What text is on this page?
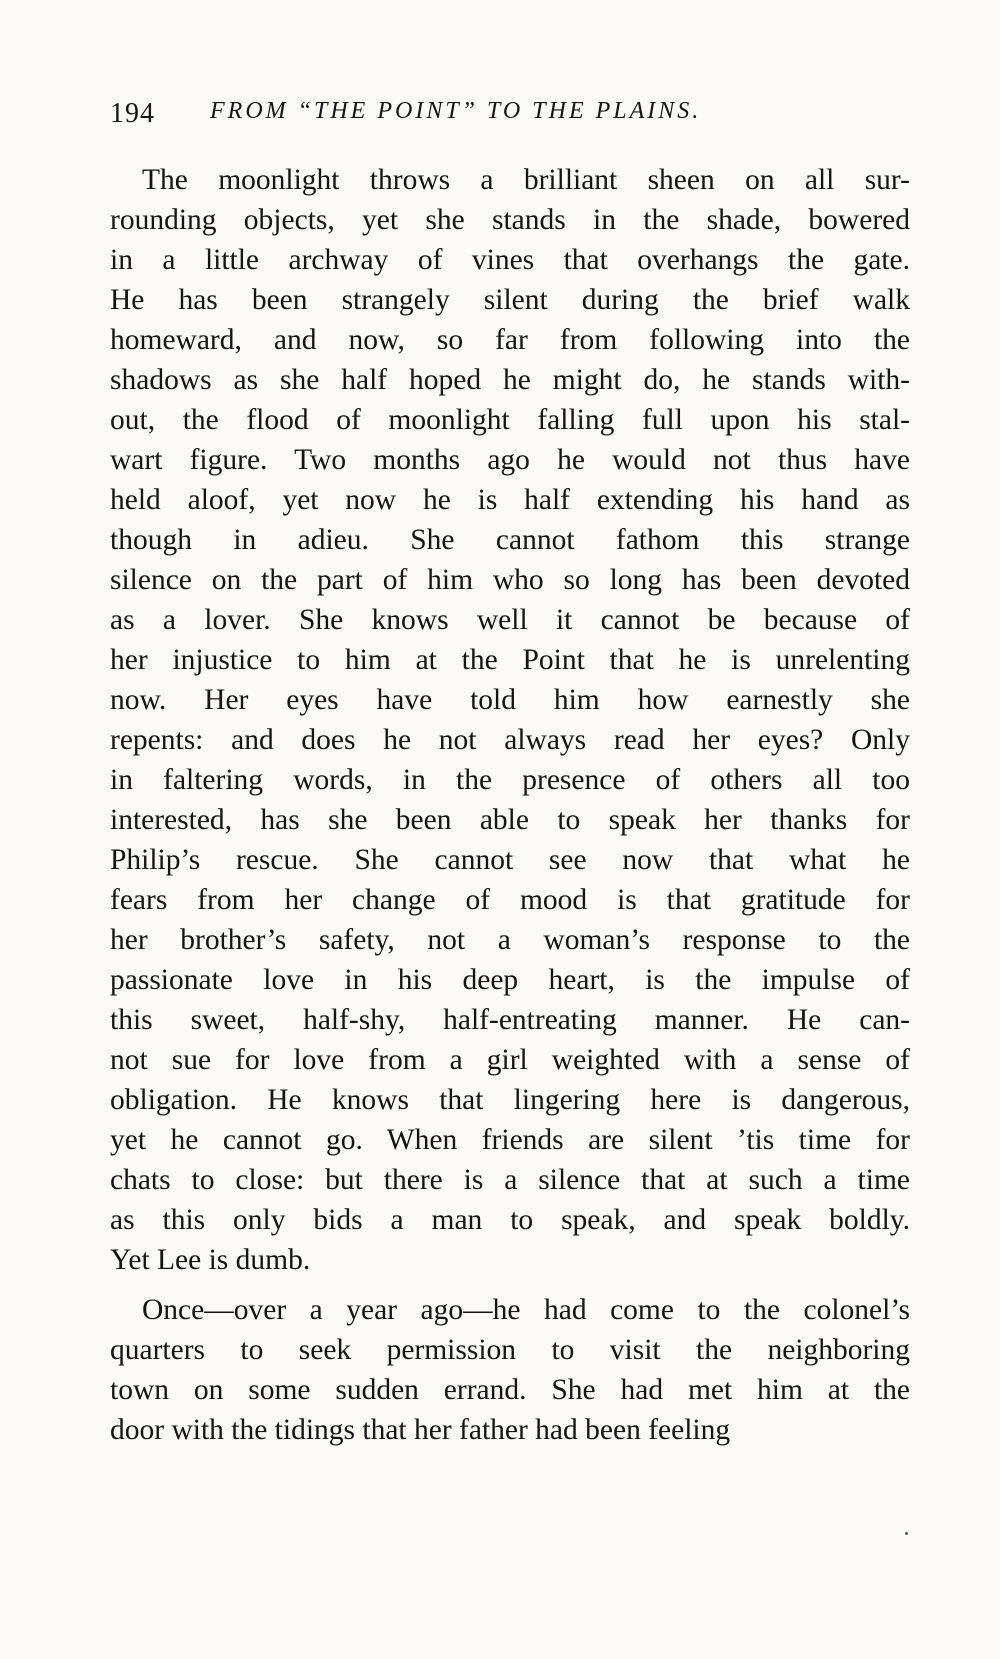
194 FROM “THE POINT” TO THE PLAINS.
The moonlight throws a brilliant sheen on all sur-
rounding objects, yet she stands in the shade, bowered
in a little archway of vines that overhangs the gate.
He has been strangely silent during the brief walk
homeward, and now, so far from following into the
shadows as she half hoped he might do, he stands with-
out, the flood of moonlight falling full upon his stal-
wart figure. Two months ago he would not thus have
held aloof, yet now he is half extending his hand as
though in adieu. She cannot fathom this strange
silence on the part of him who so long has been devoted
as a lover. She knows well it cannot be because of
her injustice to him at the Point that he is unrelenting
now. Her eyes have told him how earnestly she
repents: and does he not always read her eyes? Only
in faltering words, in the presence of others all too
interested, has she been able to speak her thanks for
Philip’s rescue. She cannot see now that what he
fears from her change of mood is that gratitude for
her brother’s safety, not a woman’s response to the
passionate love in his deep heart, is the impulse of
this sweet, half-shy, half-entreating manner. He can-
not sue for love from a girl weighted with a sense of
obligation. He knows that lingering here is dangerous,
yet he cannot go. When friends are silent ’tis time for
chats to close: but there is a silence that at such a time
as this only bids a man to speak, and speak boldly.
Yet Lee is dumb.
Once—over a year ago—he had come to the colonel’s
quarters to seek permission to visit the neighboring
town on some sudden errand. She had met him at the
door with the tidings that her father had been feeling
